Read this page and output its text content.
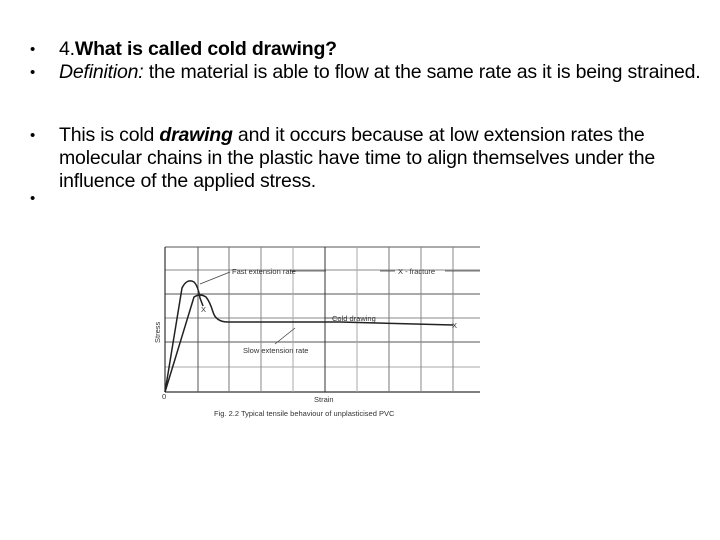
• 4.What is called cold drawing?
• Definition: the material is able to flow at the same rate as it is being strained.
• This is cold drawing and it occurs because at low extension rates the molecular chains in the plastic have time to align themselves under the influence of the applied stress.
•
Fast extension rate	X - fracture
Cold drawing
Slow extension rate
X
X
0	Strain
Stress
Fig. 2.2 Typical tensile behaviour of unplasticised PVC
